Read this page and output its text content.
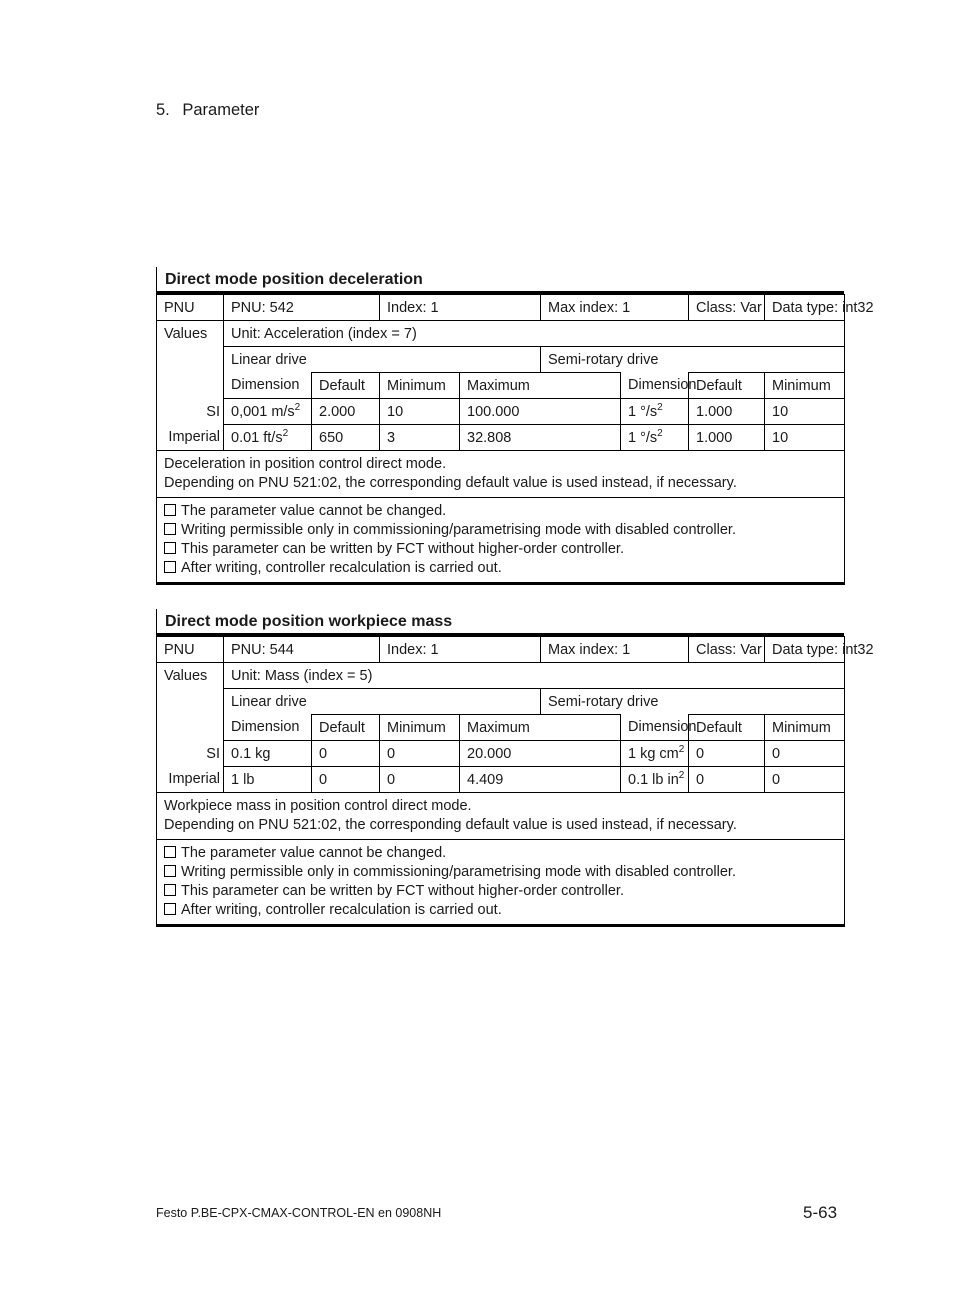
5. Parameter
Direct mode position deceleration
PNU	PNU: 542		Index: 1		Max index: 1		Class: Var	Data type: int32	
Values	Unit: Acceleration (index = 7)								
	Linear drive				Semi-rotary drive				
	Dimension	Default	Minimum	Maximum		Dimension	Default	Minimum	
SI	0,001 $m/s^2$	2.000	10	100.000		1 $^\circ/s^2$	1.000	10	
Imperial	0.01 $ft/s^2$	650	3	32.808		1 $^\circ/s^2$	1.000	10	

Deceleration in position control direct mode.
Depending on PNU 521:02, the corresponding default value is used instead, if necessary.									

The parameter value cannot be changed.
Writing permissible only in commissioning/parametrising mode with disabled controller.
This parameter can be written by FCT without higher-order controller.
After writing, controller recalculation is carried out.									
Direct mode position workpiece mass
PNU	PNU: 544		Index: 1		Max index: 1		Class: Var	Data type: int32	
Values	Unit: Mass (index = 5)								
	Linear drive				Semi-rotary drive				
	Dimension	Default	Minimum	Maximum		Dimension	Default	Minimum	
SI	0.1 kg	0	0	20.000		1 kg $cm^2$	0	0	
Imperial	1 lb	0	0	4.409		0.1 lb $in^2$	0	0	

Workpiece mass in position control direct mode.
Depending on PNU 521:02, the corresponding default value is used instead, if necessary.									

The parameter value cannot be changed.
Writing permissible only in commissioning/parametrising mode with disabled controller.
This parameter can be written by FCT without higher-order controller.
After writing, controller recalculation is carried out.									
Festo P.BE-CPX-CMAX-CONTROL-EN en 0908NH	5-63
